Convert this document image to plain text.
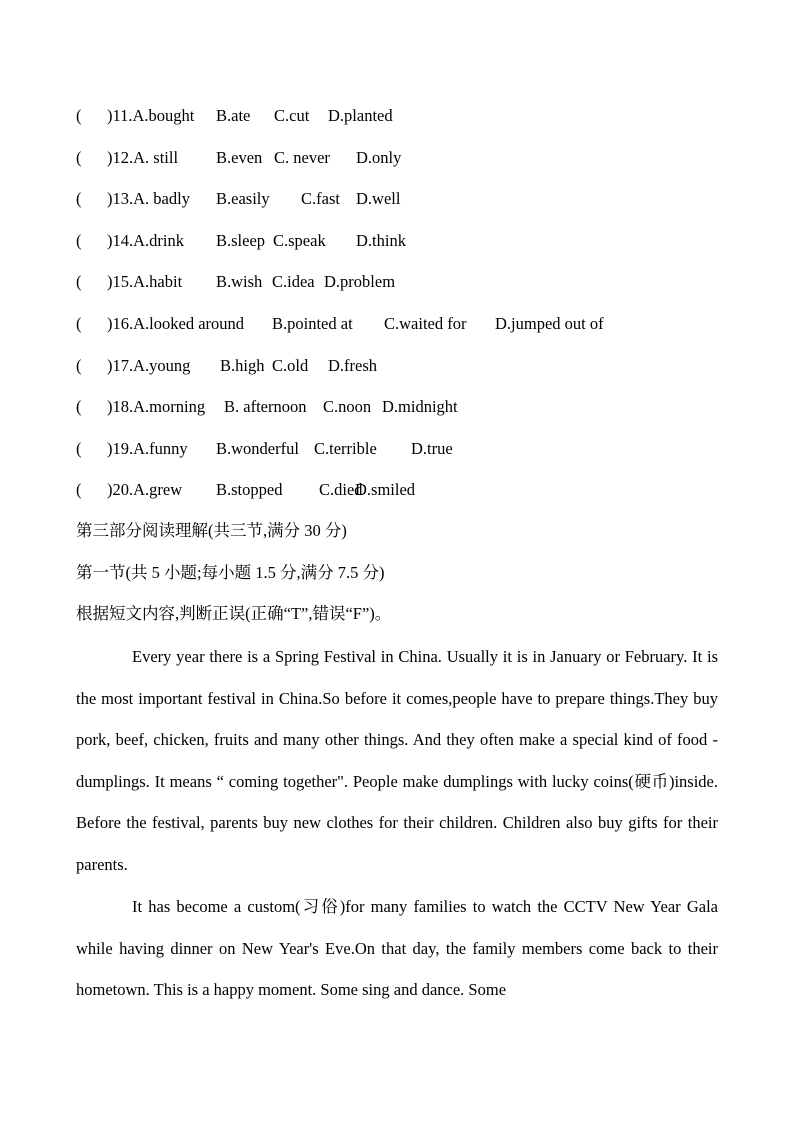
( )11.A.bought B.ate C.cut D.planted
( )12.A. still B.even C. never D.only
( )13.A. badly B.easily C.fast D.well
( )14.A.drink B.sleep C.speak D.think
( )15.A.habit B.wish C.idea D.problem
( )16.A.looked around B.pointed at C.waited for D.jumped out of
( )17.A.young B.high C.old D.fresh
( )18.A.morning B. afternoon C.noon D.midnight
( )19.A.funny B.wonderful C.terrible D.true
( )20.A.grew B.stopped C.died
D.smiled
第三部分阅读理解(共三节,满分 30 分)
第一节(共 5 小题;每小题 1.5 分,满分 7.5 分)
根据短文内容,判断正误(正确“T”,错误“F”)。

Every year there is a Spring Festival in China. Usually it is in January or February. It is the most important festival in China.So before it comes,people have to prepare things.They buy pork, beef, chicken, fruits and many other things. And they often make a special kind of food - dumplings. It means “ coming together". People make dumplings with lucky coins(硬币)inside. Before the festival, parents buy new clothes for their children. Children also buy gifts for their parents.

It has become a custom(习俗)for many families to watch the CCTV New Year Gala while having dinner on New Year's Eve.On that day, the family members come back to their hometown. This is a happy moment. Some sing and dance. Some
